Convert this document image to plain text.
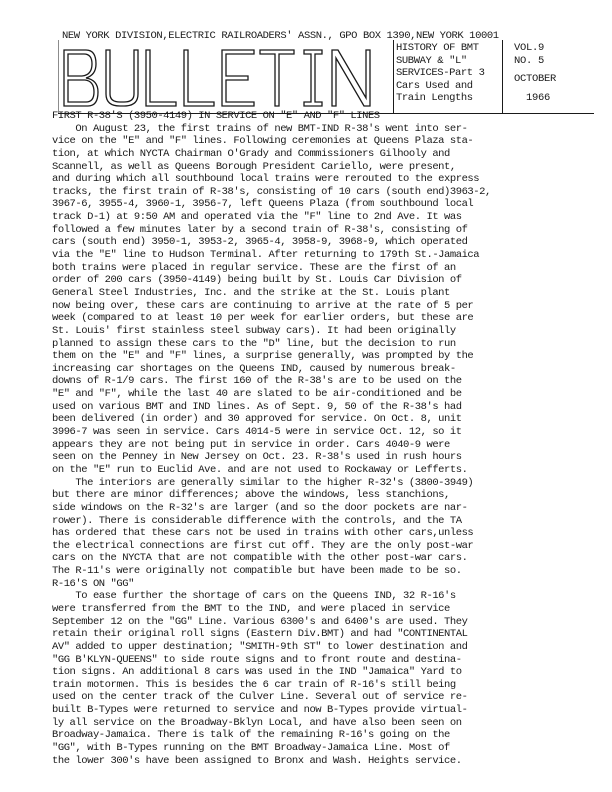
NEW YORK DIVISION,ELECTRIC RAILROADERS' ASSN., GPO BOX 1390,NEW YORK 10001
HISTORY OF BMT
SUBWAY & "L"
SERVICES-Part 3
Cars Used and
Train Lengths
VOL.9
NO. 5
OCTOBER
1966
FIRST R-38'S (3950-4149) IN SERVICE ON "E" AND "F" LINES
On August 23, the first trains of new BMT-IND R-38's went into ser-
vice on the "E" and "F" lines. Following ceremonies at Queens Plaza sta-
tion, at which NYCTA Chairman O'Grady and Commissioners Gilhooly and
Scannell, as well as Queens Borough President Cariello, were present,
and during which all southbound local trains were rerouted to the express
tracks, the first train of R-38's, consisting of 10 cars (south end)3963-2,
3967-6, 3955-4, 3960-1, 3956-7, left Queens Plaza (from southbound local
track D-1) at 9:50 AM and operated via the "F" line to 2nd Ave. It was
followed a few minutes later by a second train of R-38's, consisting of
cars (south end) 3950-1, 3953-2, 3965-4, 3958-9, 3968-9, which operated
via the "E" line to Hudson Terminal. After returning to 179th St.-Jamaica
both trains were placed in regular service. These are the first of an
order of 200 cars (3950-4149) being built by St. Louis Car Division of
General Steel Industries, Inc. and the strike at the St. Louis plant
now being over, these cars are continuing to arrive at the rate of 5 per
week (compared to at least 10 per week for earlier orders, but these are
St. Louis' first stainless steel subway cars). It had been originally
planned to assign these cars to the "D" line, but the decision to run
them on the "E" and "F" lines, a surprise generally, was prompted by the
increasing car shortages on the Queens IND, caused by numerous break-
downs of R-1/9 cars. The first 160 of the R-38's are to be used on the
"E" and "F", while the last 40 are slated to be air-conditioned and be
used on various BMT and IND lines. As of Sept. 9, 50 of the R-38's had
been delivered (in order) and 30 approved for service. On Oct. 8, unit
3996-7 was seen in service. Cars 4014-5 were in service Oct. 12, so it
appears they are not being put in service in order. Cars 4040-9 were
seen on the Penney in New Jersey on Oct. 23. R-38's used in rush hours
on the "E" run to Euclid Ave. and are not used to Rockaway or Lefferts.
The interiors are generally similar to the higher R-32's (3800-3949)
but there are minor differences; above the windows, less stanchions,
side windows on the R-32's are larger (and so the door pockets are nar-
rower). There is considerable difference with the controls, and the TA
has ordered that these cars not be used in trains with other cars,unless
the electrical connections are first cut off. They are the only post-war
cars on the NYCTA that are not compatible with the other post-war cars.
The R-11's were originally not compatible but have been made to be so.
R-16'S ON "GG"
To ease further the shortage of cars on the Queens IND, 32 R-16's
were transferred from the BMT to the IND, and were placed in service
September 12 on the "GG" Line. Various 6300's and 6400's are used. They
retain their original roll signs (Eastern Div.BMT) and had "CONTINENTAL
AV" added to upper destination; "SMITH-9th ST" to lower destination and
"GG B'KLYN-QUEENS" to side route signs and to front route and destina-
tion signs. An additional 8 cars was used in the IND "Jamaica" Yard to
train motormen. This is besides the 6 car train of R-16's still being
used on the center track of the Culver Line. Several out of service re-
built B-Types were returned to service and now B-Types provide virtual-
ly all service on the Broadway-Bklyn Local, and have also been seen on
Broadway-Jamaica. There is talk of the remaining R-16's going on the
"GG", with B-Types running on the BMT Broadway-Jamaica Line. Most of
the lower 300's have been assigned to Bronx and Wash. Heights service.
